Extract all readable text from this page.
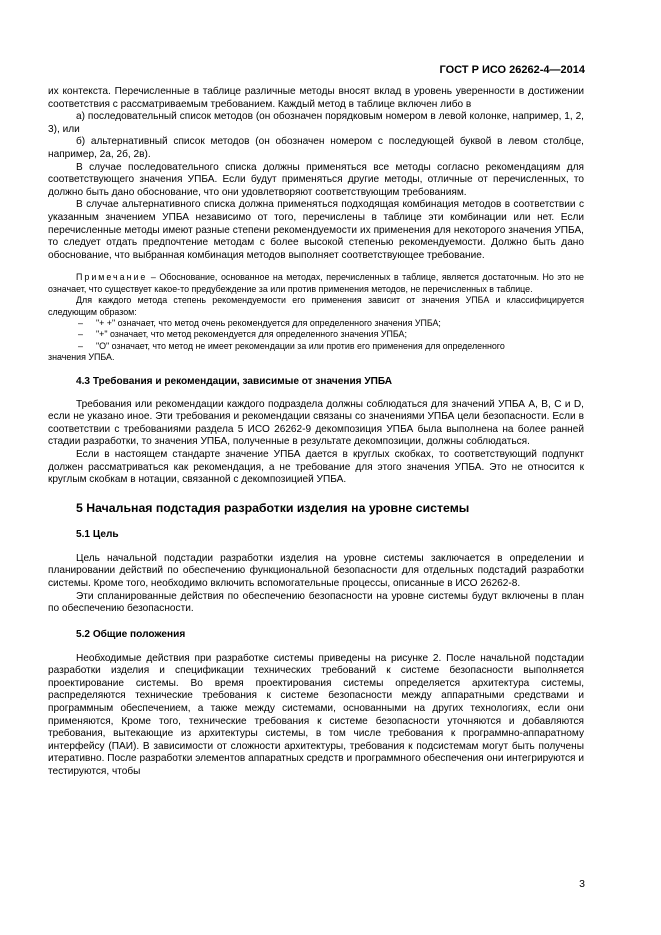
ГОСТ Р ИСО 26262-4—2014

их контекста. Перечисленные в таблице различные методы вносят вклад в уровень уверенности в достижении соответствия с рассматриваемым требованием. Каждый метод в таблице включен либо в

а) последовательный список методов (он обозначен порядковым номером в левой колонке, например, 1, 2, 3), или

б) альтернативный список методов (он обозначен номером с последующей буквой в левом столбце, например, 2а, 2б, 2в).

В случае последовательного списка должны применяться все методы согласно рекомендациям для соответствующего значения УПБА. Если будут применяться другие методы, отличные от перечисленных, то должно быть дано обоснование, что они удовлетворяют соответствующим требованиям.

В случае альтернативного списка должна применяться подходящая комбинация методов в соответствии с указанным значением УПБА независимо от того, перечислены в таблице эти комбинации или нет. Если перечисленные методы имеют разные степени рекомендуемости их применения для некоторого значения УПБА, то следует отдать предпочтение методам с более высокой степенью рекомендуемости. Должно быть дано обоснование, что выбранная комбинация методов выполняет соответствующее требование.

Примечание – Обоснование, основанное на методах, перечисленных в таблице, является достаточным. Но это не означает, что существует какое-то предубеждение за или против применения методов, не перечисленных в таблице.

Для каждого метода степень рекомендуемости его применения зависит от значения УПБА и классифицируется следующим образом:

– "+ +" означает, что метод очень рекомендуется для определенного значения УПБА;
– "+" означает, что метод рекомендуется для определенного значения УПБА;
– "О" означает, что метод не имеет рекомендации за или против его применения для определенного

значения УПБА.

4.3 Требования и рекомендации, зависимые от значения УПБА

Требования или рекомендации каждого подраздела должны соблюдаться для значений УПБА А, В, С и D, если не указано иное. Эти требования и рекомендации связаны со значениями УПБА цели безопасности. Если в соответствии с требованиями раздела 5 ИСО 26262-9 декомпозиция УПБА была выполнена на более ранней стадии разработки, то значения УПБА, полученные в результате декомпозиции, должны соблюдаться.

Если в настоящем стандарте значение УПБА дается в круглых скобках, то соответствующий подпункт должен рассматриваться как рекомендация, а не требование для этого значения УПБА. Это не относится к круглым скобкам в нотации, связанной с декомпозицией УПБА.

5 Начальная подстадия разработки изделия на уровне системы
5.1 Цель

Цель начальной подстадии разработки изделия на уровне системы заключается в определении и планировании действий по обеспечению функциональной безопасности для отдельных подстадий разработки системы. Кроме того, необходимо включить вспомогательные процессы, описанные в ИСО 26262-8.

Эти спланированные действия по обеспечению безопасности на уровне системы будут включены в план по обеспечению безопасности.

5.2 Общие положения

Необходимые действия при разработке системы приведены на рисунке 2. После начальной подстадии разработки изделия и спецификации технических требований к системе безопасности выполняется проектирование системы. Во время проектирования системы определяется архитектура системы, распределяются технические требования к системе безопасности между аппаратными средствами и программным обеспечением, а также между системами, основанными на других технологиях, если они применяются, Кроме того, технические требования к системе безопасности уточняются и добавляются требования, вытекающие из архитектуры системы, в том числе требования к программно-аппаратному интерфейсу (ПАИ). В зависимости от сложности архитектуры, требования к подсистемам могут быть получены итеративно. После разработки элементов аппаратных средств и программного обеспечения они интегрируются и тестируются, чтобы

3
